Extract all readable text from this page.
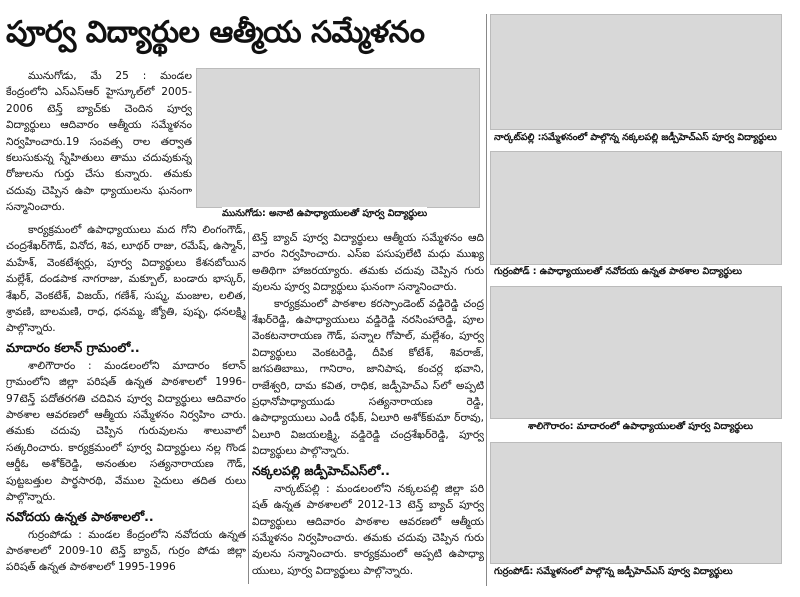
పూర్వ విద్యార్థుల ఆత్మీయ సమ్మేళనం

మునుగోడు, మే 25 : మండల కేంద్రంలోని ఎస్‌ఎస్‌ఆర్‌ హైస్కూల్‌లో 2005-2006 టెన్త్‌ బ్యాచ్‌కు చెందిన పూర్వ విద్యార్థులు ఆదివారం ఆత్మీయ సమ్మేళనం నిర్వహించారు.19 సంవత్స రాల తర్వాత కలుసుకున్న స్నేహితులు తాము చదువుకున్న రోజులను గుర్తు చేసు కున్నారు. తమకు చదువు చెప్పిన ఉపా ధ్యాయులను ఘనంగా సన్మానించారు.

కార్యక్రమంలో ఉపాధ్యాయులు మద గోని లింగంగౌడ్‌, చంద్రశేఖర్‌గౌడ్‌, వినోద, శివ, లూథర్‌ రాజు, రమేష్‌, ఉస్మాన్‌, మహేశ్‌, వెంకటేశ్వర్లు, పూర్వ విద్యార్థులు కేశనబోయిన మల్లేశ్‌, దండపాక నాగరాజు, మక్బూల్‌, బండారు భాస్కర్‌, శేఖర్‌, వెంకటేశ్‌, విజయ్‌, గణేశ్‌, సుష్మ, మంజుల, లలిత, శ్రావణి, బాలమణి, రాధ, ధనమ్మ, జ్యోతి, పుష్ప, ధనలక్ష్మి పాల్గొన్నారు.

మాదారం కలాన్‌ గ్రామంలో..

శాలిగౌరారం : మండలంలోని మాదారం కలాన్‌ గ్రామంలోని జిల్లా పరిషత్‌ ఉన్నత పాఠశాలలో 1996-97టెన్త్‌ పదోతరగతి చదివిన పూర్వ విద్యార్థులు ఆదివారం పాఠశాల ఆవరణలో ఆత్మీయ సమ్మేళనం నిర్వహిం చారు. తమకు చదువు చెప్పిన గురువులను శాలువాలో సత్కరించారు. కార్యక్రమంలో పూర్వ విద్యార్థులు నల్ల గొండ ఆర్డీఓ అశోక్‌రెడ్డి, అనంతుల సత్యనారాయణ గౌడ్‌, పుట్టబత్తుల పార్థసారథి, వేముల సైదులు తదిత రులు పాల్గొన్నారు.

నవోదయ ఉన్నత పాఠశాలలో..

గుర్రంపోడు : మండల కేంద్రంలోని నవోదయ ఉన్నత పాఠశాలలో 2009-10 టెన్త్‌ బ్యాచ్‌, గుర్రం పోడు జిల్లా పరిషత్‌ ఉన్నత పాఠశాలలో 1995-1996

టెన్త్‌ బ్యాచ్‌ పూర్వ విద్యార్థులు ఆత్మీయ సమ్మేళనం ఆది వారం నిర్వహించారు. ఎస్‌ఐ పసుపులేటి మధు ముఖ్య అతిథిగా హాజరయ్యారు. తమకు చదువు చెప్పిన గురు వులను పూర్వ విద్యార్థులు ఘనంగా సన్మానించారు.

కార్యక్రమంలో పాఠశాల కరస్పాండెంట్‌ వడ్డిరెడ్డి చంద్ర శేఖర్‌రెడ్డి, ఉపాధ్యాయులు వడ్డిరెడ్డి నరసింహారెడ్డి, పూల వెంకటనారాయణ గౌడ్‌, పన్నాల గోపాల్‌, మల్లేశం, పూర్వ విద్యార్థులు వెంకటరెడ్డి, దీపిక కోటేశ్‌, శివరాజ్‌, జగపతిబాబు, గానిరాం, జానిపాష, కంచర్ల భవాని, రాజేశ్వరి, దామ కవిత, రాధిక, జడ్పీహెచ్‌ఎ స్‌లో అప్పటి ప్రధానోపాధ్యాయుడు సత్యనారాయణ రెడ్డి, ఉపాధ్యాయులు ఎండీ రఫీక్‌, ఏలూరి అశోక్‌కుమా ర్‌రావు, ఏలూరి విజయలక్ష్మి, వడ్డిరెడ్డి చంద్రశేఖర్‌రెడ్డి, పూర్వ విద్యార్థులు పాల్గొన్నారు.

నక్కలపల్లి జడ్పీహెచ్‌ఎస్‌లో..

నార్కట్‌పల్లి : మండలంలోని నక్కలపల్లి జిల్లా పరి షత్‌ ఉన్నత పాఠశాలలో 2012-13 టెన్త్‌ బ్యాచ్‌ పూర్వ విద్యార్థులు ఆదివారం పాఠశాల ఆవరణలో ఆత్మీయ సమ్మేళనం నిర్వహించారు. తమకు చదువు చెప్పిన గురు వులను సన్మానించారు. కార్యక్రమంలో అప్పటి ఉపాధ్యా యులు, పూర్వ విద్యార్థులు పాల్గొన్నారు.

మునుగోడు: అనాటి ఉపాధ్యాయులతో పూర్వ విద్యార్థులు
నార్కట్‌పల్లి :సమ్మేళనంలో పాల్గొన్న నక్కలపల్లి జడ్పీహెచ్‌ఎస్‌ పూర్వ విద్యార్థులు
గుర్రంపోడ్‌ : ఉపాధ్యాయులతో నవోదయ ఉన్నత పాఠశాల విద్యార్థులు
శాలిగౌరారం: మాదారంలో ఉపాధ్యాయులతో పూర్వ విద్యార్థులు
గుర్రంపోడ్‌: సమ్మేళనంలో పాల్గొన్న జడ్పీహెచ్‌ఎస్‌ పూర్వ విద్యార్థులు
